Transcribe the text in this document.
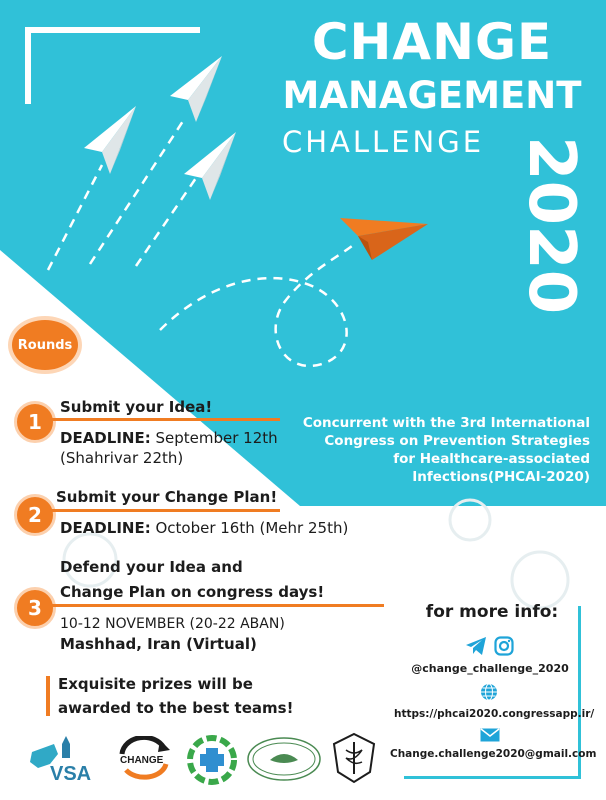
CHANGE
MANAGEMENT
CHALLENGE 2020
Concurrent with the 3rd International
Congress on Prevention Strategies
for Healthcare-associated
Infections(PHCAI-2020)
Rounds
1
Submit your Idea!
DEADLINE: September 12th
(Shahrivar 22th)
2
Submit your Change Plan!
DEADLINE: October 16th (Mehr 25th)
Defend your Idea and
Change Plan on congress days!
3
10-12 NOVEMBER (20-22 ABAN)
Mashhad, Iran (Virtual)
Exquisite prizes will be
awarded to the best teams!
for more info:
@change_challenge_2020
https://phcai2020.congressapp.ir/
Change.challenge2020@gmail.com
VSA
CHANGE
